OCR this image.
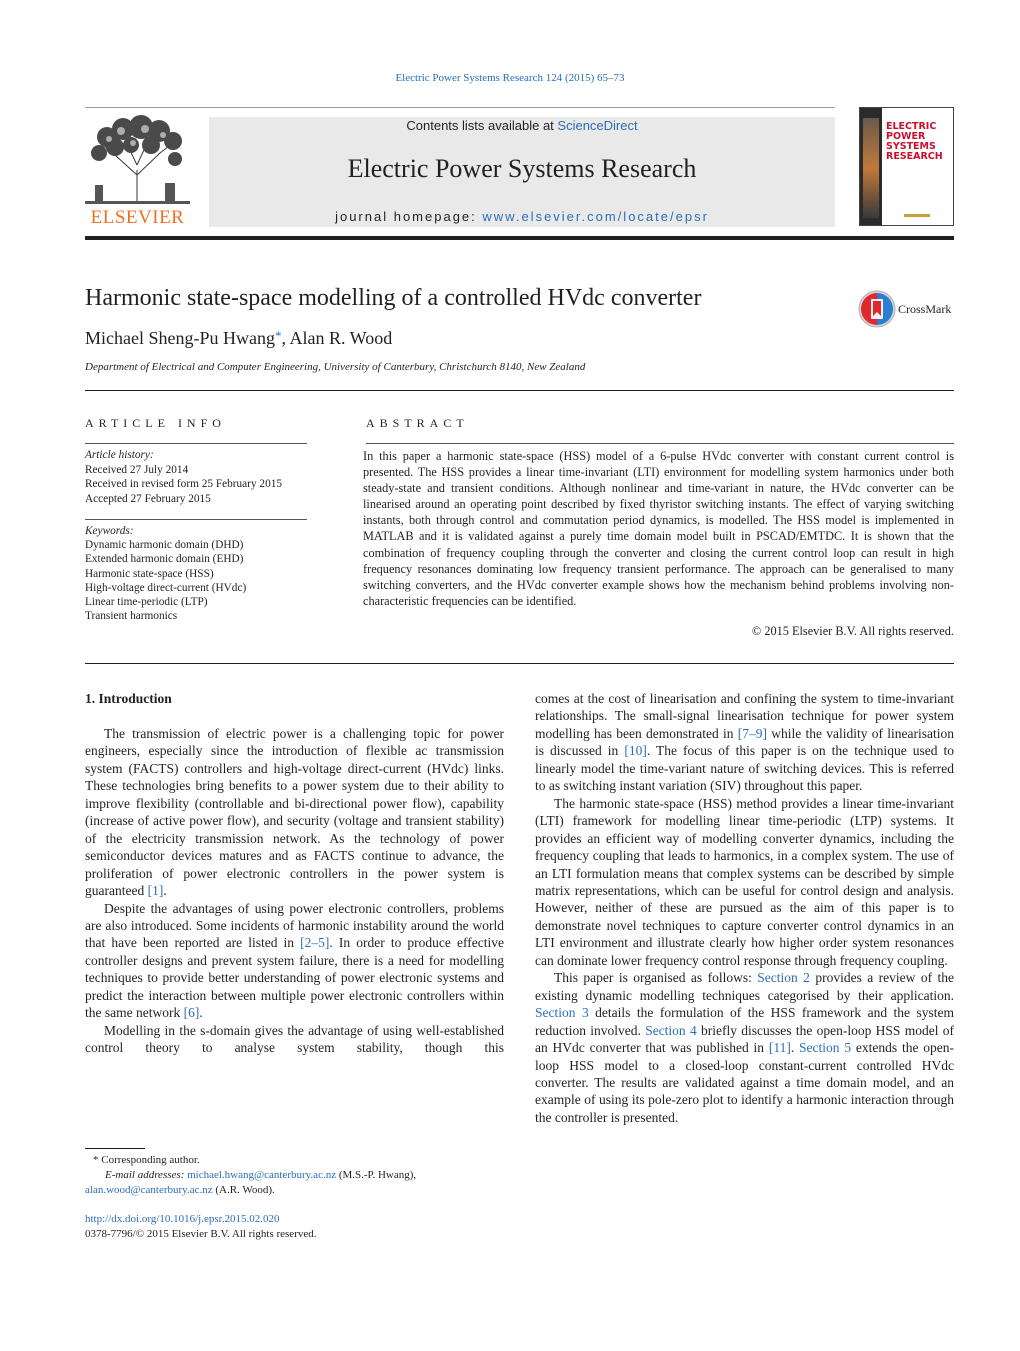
Electric Power Systems Research 124 (2015) 65–73
ELSEVIER
Contents lists available at ScienceDirect
Electric Power Systems Research
journal homepage: www.elsevier.com/locate/epsr
ELECTRIC POWER SYSTEMS RESEARCH
Harmonic state-space modelling of a controlled HVdc converter	CrossMark
Michael Sheng-Pu Hwang*, Alan R. Wood
Department of Electrical and Computer Engineering, University of Canterbury, Christchurch 8140, New Zealand
ARTICLE INFO
Article history:
Received 27 July 2014
Received in revised form 25 February 2015
Accepted 27 February 2015
Keywords:
Dynamic harmonic domain (DHD)
Extended harmonic domain (EHD)
Harmonic state-space (HSS)
High-voltage direct-current (HVdc)
Linear time-periodic (LTP)
Transient harmonics
ABSTRACT
In this paper a harmonic state-space (HSS) model of a 6-pulse HVdc converter with constant current control is presented. The HSS provides a linear time-invariant (LTI) environment for modelling system harmonics under both steady-state and transient conditions. Although nonlinear and time-variant in nature, the HVdc converter can be linearised around an operating point described by fixed thyristor switching instants. The effect of varying switching instants, both through control and commutation period dynamics, is modelled. The HSS model is implemented in MATLAB and it is validated against a purely time domain model built in PSCAD/EMTDC. It is shown that the combination of frequency coupling through the converter and closing the current control loop can result in high frequency resonances dominating low frequency transient performance. The approach can be generalised to many switching converters, and the HVdc converter example shows how the mechanism behind problems involving non-characteristic frequencies can be identified.
© 2015 Elsevier B.V. All rights reserved.
1. Introduction

The transmission of electric power is a challenging topic for power engineers, especially since the introduction of flexible ac transmission system (FACTS) controllers and high-voltage direct-current (HVdc) links. These technologies bring benefits to a power system due to their ability to improve flexibility (controllable and bi-directional power flow), capability (increase of active power flow), and security (voltage and transient stability) of the electricity transmission network. As the technology of power semiconductor devices matures and as FACTS continue to advance, the proliferation of power electronic controllers in the power system is guaranteed [1].

Despite the advantages of using power electronic controllers, problems are also introduced. Some incidents of harmonic instability around the world that have been reported are listed in [2–5]. In order to produce effective controller designs and prevent system failure, there is a need for modelling techniques to provide better understanding of power electronic systems and predict the interaction between multiple power electronic controllers within the same network [6].

Modelling in the s-domain gives the advantage of using well-established control theory to analyse system stability, though this

comes at the cost of linearisation and confining the system to time-invariant relationships. The small-signal linearisation technique for power system modelling has been demonstrated in [7–9] while the validity of linearisation is discussed in [10]. The focus of this paper is on the technique used to linearly model the time-variant nature of switching devices. This is referred to as switching instant variation (SIV) throughout this paper.

The harmonic state-space (HSS) method provides a linear time-invariant (LTI) framework for modelling linear time-periodic (LTP) systems. It provides an efficient way of modelling converter dynamics, including the frequency coupling that leads to harmonics, in a complex system. The use of an LTI formulation means that complex systems can be described by simple matrix representations, which can be useful for control design and analysis. However, neither of these are pursued as the aim of this paper is to demonstrate novel techniques to capture converter control dynamics in an LTI environment and illustrate clearly how higher order system resonances can dominate lower frequency control response through frequency coupling.

This paper is organised as follows: Section 2 provides a review of the existing dynamic modelling techniques categorised by their application. Section 3 details the formulation of the HSS framework and the system reduction involved. Section 4 briefly discusses the open-loop HSS model of an HVdc converter that was published in [11]. Section 5 extends the open-loop HSS model to a closed-loop constant-current controlled HVdc converter. The results are validated against a time domain model, and an example of using its pole-zero plot to identify a harmonic interaction through the controller is presented.

* Corresponding author.
E-mail addresses: michael.hwang@canterbury.ac.nz (M.S.-P. Hwang),
alan.wood@canterbury.ac.nz (A.R. Wood).
http://dx.doi.org/10.1016/j.epsr.2015.02.020
0378-7796/© 2015 Elsevier B.V. All rights reserved.
